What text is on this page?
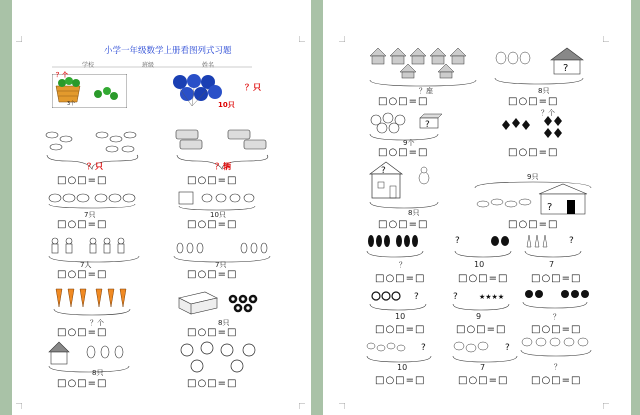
小学一年级数学上册看图列式习题
学校	班级	姓名
？个
3个
？只
10只
？只
□○□=□
？辆
□○□=□
7只
□○□=□
10只
□○□=□
7人
□○□=□
7只
□○□=□
？个
□○□=□
8只
□○□=□
8只
□○□=□	□○□=□
？座
□○□=□
?
8只
□○□=□
?
9个
□○□=□
？个
□○□=□
?
8只
□○□=□
?
9只
□○□=□
？
□○□=□
?
10
□○□=□
?
7
□○□=□
?
10
□○□=□
?	★★★★
9
□○□=□
？
□○□=□
?
10
□○□=□
?
7
□○□=□
？
□○□=□
